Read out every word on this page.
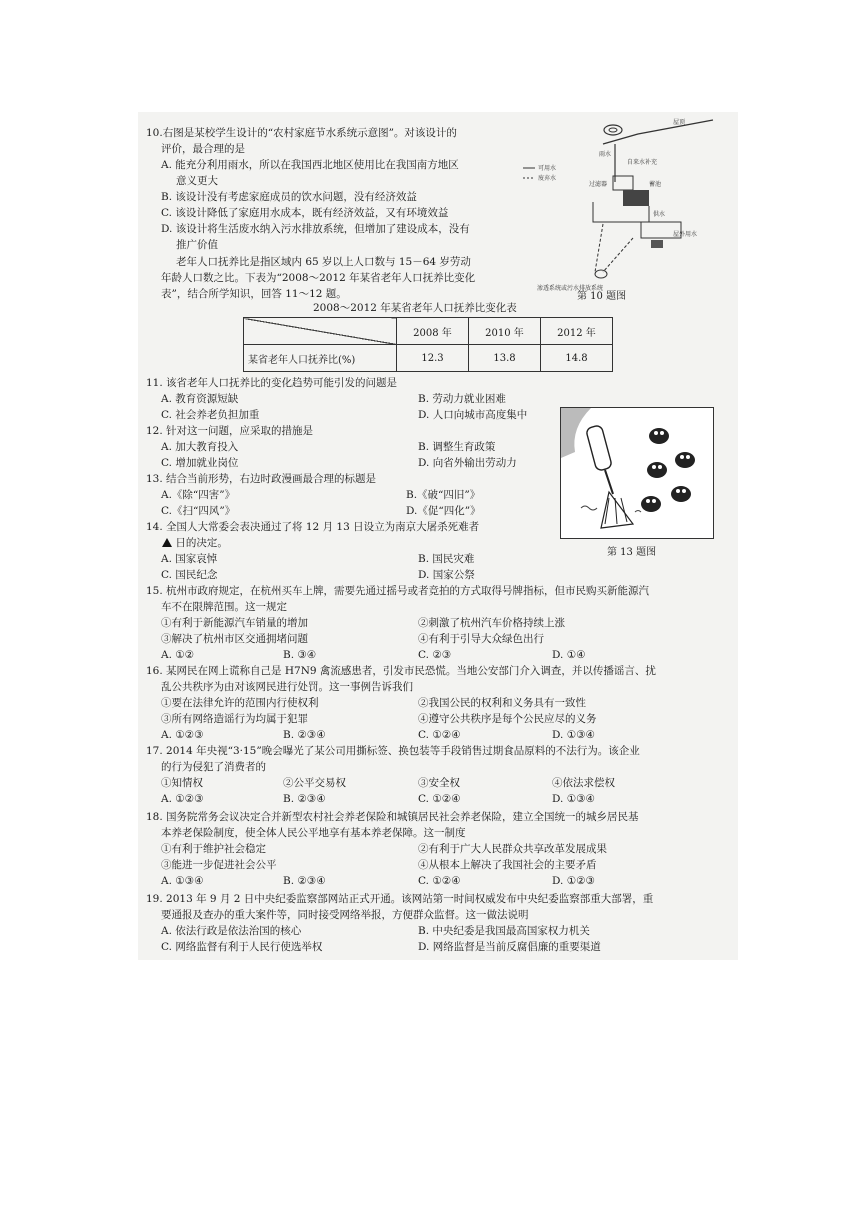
10.右图是某校学生设计的“农村家庭节水系统示意图”。对该设计的
评价，最合理的是
A. 能充分利用雨水，所以在我国西北地区使用比在我国南方地区
意义更大
B. 该设计没有考虑家庭成员的饮水问题，没有经济效益
C. 该设计降低了家庭用水成本，既有经济效益，又有环境效益
D. 该设计将生活废水纳入污水排放系统，但增加了建设成本，没有
推广价值
屋顶
雨水
过滤器
自来水补充
蓄池
可用水
废弃水
供水
屋外用水
渗透系统或污水排放系统
第 10 题图
老年人口抚养比是指区域内 65 岁以上人口数与 15－64 岁劳动
年龄人口数之比。下表为“2008～2012 年某省老年人口抚养比变化
表”，结合所学知识，回答 11～12 题。
2008～2012 年某省老年人口抚养比变化表
	2008 年	2010 年	2012 年
某省老年人口抚养比(%)	12.3	13.8	14.8
11. 该省老年人口抚养比的变化趋势可能引发的问题是
A. 教育资源短缺	B. 劳动力就业困难
C. 社会养老负担加重	D. 人口向城市高度集中
12. 针对这一问题，应采取的措施是
A. 加大教育投入	B. 调整生育政策
C. 增加就业岗位	D. 向省外输出劳动力
13. 结合当前形势，右边时政漫画最合理的标题是
A.《除“四害”》	B.《破“四旧”》
C.《扫“四风”》	D.《促“四化”》
第 13 题图
14. 全国人大常委会表决通过了将 12 月 13 日设立为南京大屠杀死难者
日的决定。
A. 国家哀悼	B. 国民灾难
C. 国民纪念	D. 国家公祭
15. 杭州市政府规定，在杭州买车上牌，需要先通过摇号或者竞拍的方式取得号牌指标，但市民购买新能源汽
车不在限牌范围。这一规定
①有利于新能源汽车销量的增加	②刺激了杭州汽车价格持续上涨
③解决了杭州市区交通拥堵问题	④有利于引导大众绿色出行
A. ①②	B. ③④	C. ②③	D. ①④
16. 某网民在网上谎称自己是 H7N9 禽流感患者，引发市民恐慌。当地公安部门介入调查，并以传播谣言、扰
乱公共秩序为由对该网民进行处罚。这一事例告诉我们
①要在法律允许的范围内行使权利	②我国公民的权利和义务具有一致性
③所有网络造谣行为均属于犯罪	④遵守公共秩序是每个公民应尽的义务
A. ①②③	B. ②③④	C. ①②④	D. ①③④
17. 2014 年央视“3·15”晚会曝光了某公司用撕标签、换包装等手段销售过期食品原料的不法行为。该企业
的行为侵犯了消费者的
①知情权	②公平交易权	③安全权	④依法求偿权
A. ①②③	B. ②③④	C. ①②④	D. ①③④
18. 国务院常务会议决定合并新型农村社会养老保险和城镇居民社会养老保险，建立全国统一的城乡居民基
本养老保险制度，使全体人民公平地享有基本养老保障。这一制度
①有利于维护社会稳定	②有利于广大人民群众共享改革发展成果
③能进一步促进社会公平	④从根本上解决了我国社会的主要矛盾
A. ①③④	B. ②③④	C. ①②④	D. ①②③
19. 2013 年 9 月 2 日中央纪委监察部网站正式开通。该网站第一时间权威发布中央纪委监察部重大部署，重
要通报及查办的重大案件等，同时接受网络举报，方便群众监督。这一做法说明
A. 依法行政是依法治国的核心	B. 中央纪委是我国最高国家权力机关
C. 网络监督有利于人民行使选举权	D. 网络监督是当前反腐倡廉的重要渠道
